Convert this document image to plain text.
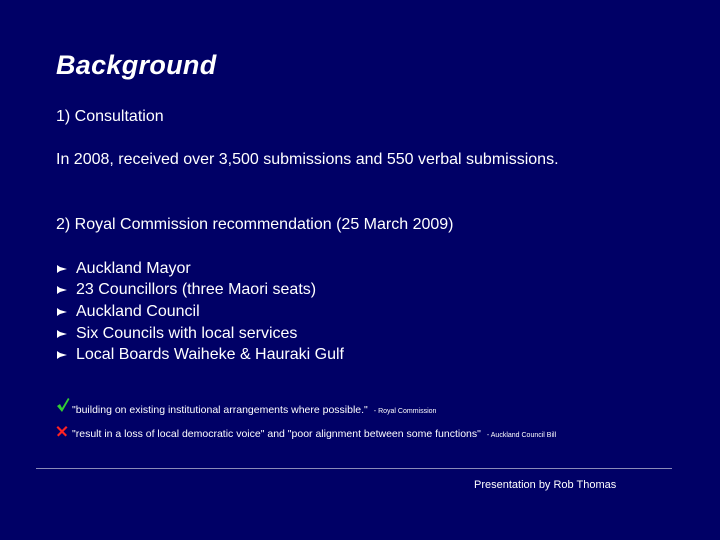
Background
1) Consultation
In 2008, received over 3,500 submissions and 550 verbal submissions.
2) Royal Commission recommendation (25 March 2009)
Auckland Mayor
23 Councillors (three Maori seats)
Auckland Council
Six Councils with local services
Local Boards Waiheke & Hauraki Gulf
"building on existing institutional arrangements where possible." - Royal Commission
"result in a loss of local democratic voice" and "poor alignment between some functions" - Auckland Council Bill
Presentation by Rob Thomas
